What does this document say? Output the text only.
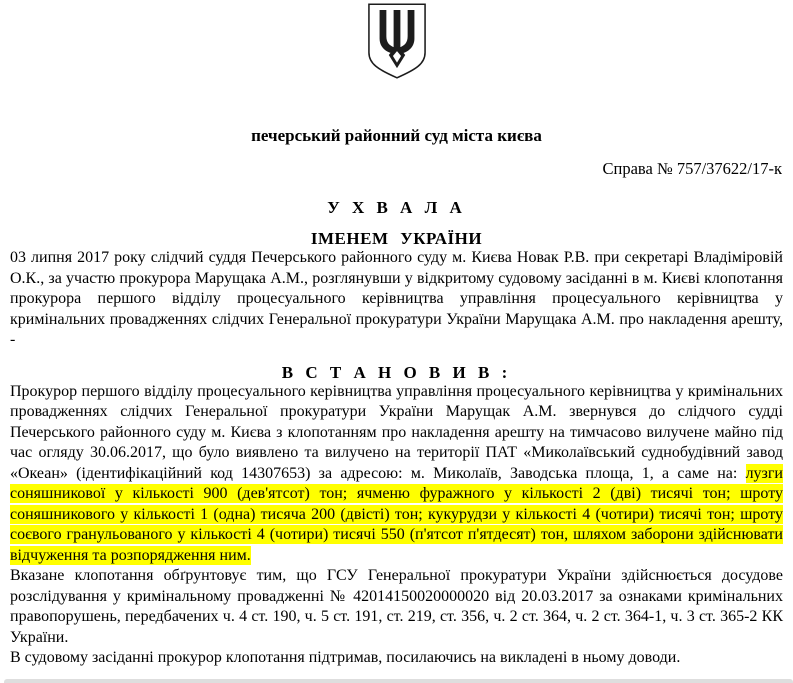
печерський районний суд міста києва
Справа № 757/37622/17-к
У Х В А Л А
ІМЕНЕМ УКРАЇНИ

03 липня 2017 року слідчий суддя Печерського районного суду м. Києва Новак Р.В. при секретарі Владіміровій О.К., за участю прокурора Марущака А.М., розглянувши у відкритому судовому засіданні в м. Києві клопотання прокурора першого відділу процесуального керівництва управління процесуального керівництва у кримінальних провадженнях слідчих Генеральної прокуратури України Марущака А.М. про накладення арешту, -

В С Т А Н О В И В :

Прокурор першого відділу процесуального керівництва управління процесуального керівництва у кримінальних провадженнях слідчих Генеральної прокуратури України Марущак А.М. звернувся до слідчого судді Печерського районного суду м. Києва з клопотанням про накладення арешту на тимчасово вилучене майно під час огляду 30.06.2017, що було виявлено та вилучено на території ПАТ «Миколаївський суднобудівний завод «Океан» (ідентифікаційний код 14307653) за адресою: м. Миколаїв, Заводська площа, 1, а саме на: лузги соняшникової у кількості 900 (дев'ятсот) тон; ячменю фуражного у кількості 2 (дві) тисячі тон; шроту соняшникового у кількості 1 (одна) тисяча 200 (двісті) тон; кукурудзи у кількості 4 (чотири) тисячі тон; шроту соєвого гранульованого у кількості 4 (чотири) тисячі 550 (п'ятсот п'ятдесят) тон, шляхом заборони здійснювати відчуження та розпорядження ним.

Вказане клопотання обґрунтовує тим, що ГСУ Генеральної прокуратури України здійснюється досудове розслідування у кримінальному провадженні № 42014150020000020 від 20.03.2017 за ознаками кримінальних правопорушень, передбачених ч. 4 ст. 190, ч. 5 ст. 191, ст. 219, ст. 356, ч. 2 ст. 364, ч. 2 ст. 364-1, ч. 3 ст. 365-2 КК України.

В судовому засіданні прокурор клопотання підтримав, посилаючись на викладені в ньому доводи.
